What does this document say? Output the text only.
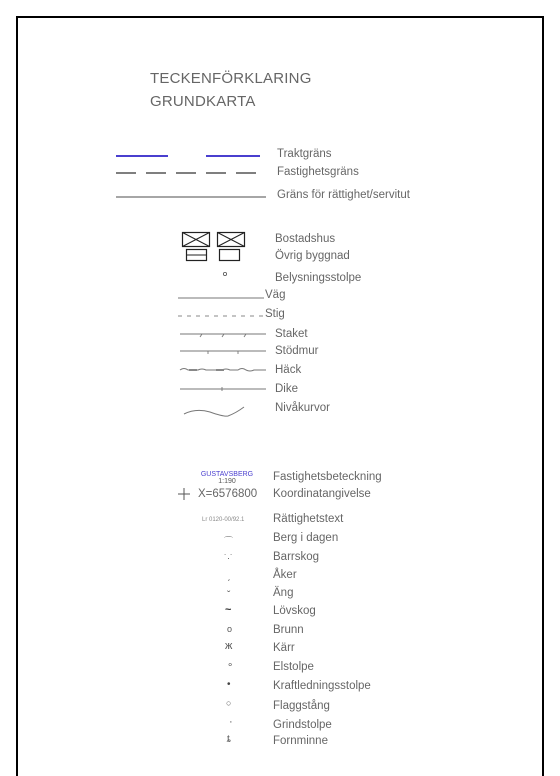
TECKENFÖRKLARING
GRUNDKARTA
Traktgräns
Fastighetsgräns
Gräns för rättighet/servitut
Bostadshus
Övrig byggnad
Belysningsstolpe
Väg
Stig
Staket
Stödmur
Häck
Dike
Nivåkurvor
GUSTAVSBERG
1:190	Fastighetsbeteckning
X=6576800 Koordinatangivelse
Lr 0120-00/92.1 Rättighetstext
⌒	Berg i dagen
˙·˙	Barrskog
ˏ	Åker
ˇ	Äng
~	Lövskog
o	Brunn
ж	Kärr
∘	Elstolpe
•	Kraftledningsstolpe
○	Flaggstång
·	Grindstolpe
ȶ	Fornminne
